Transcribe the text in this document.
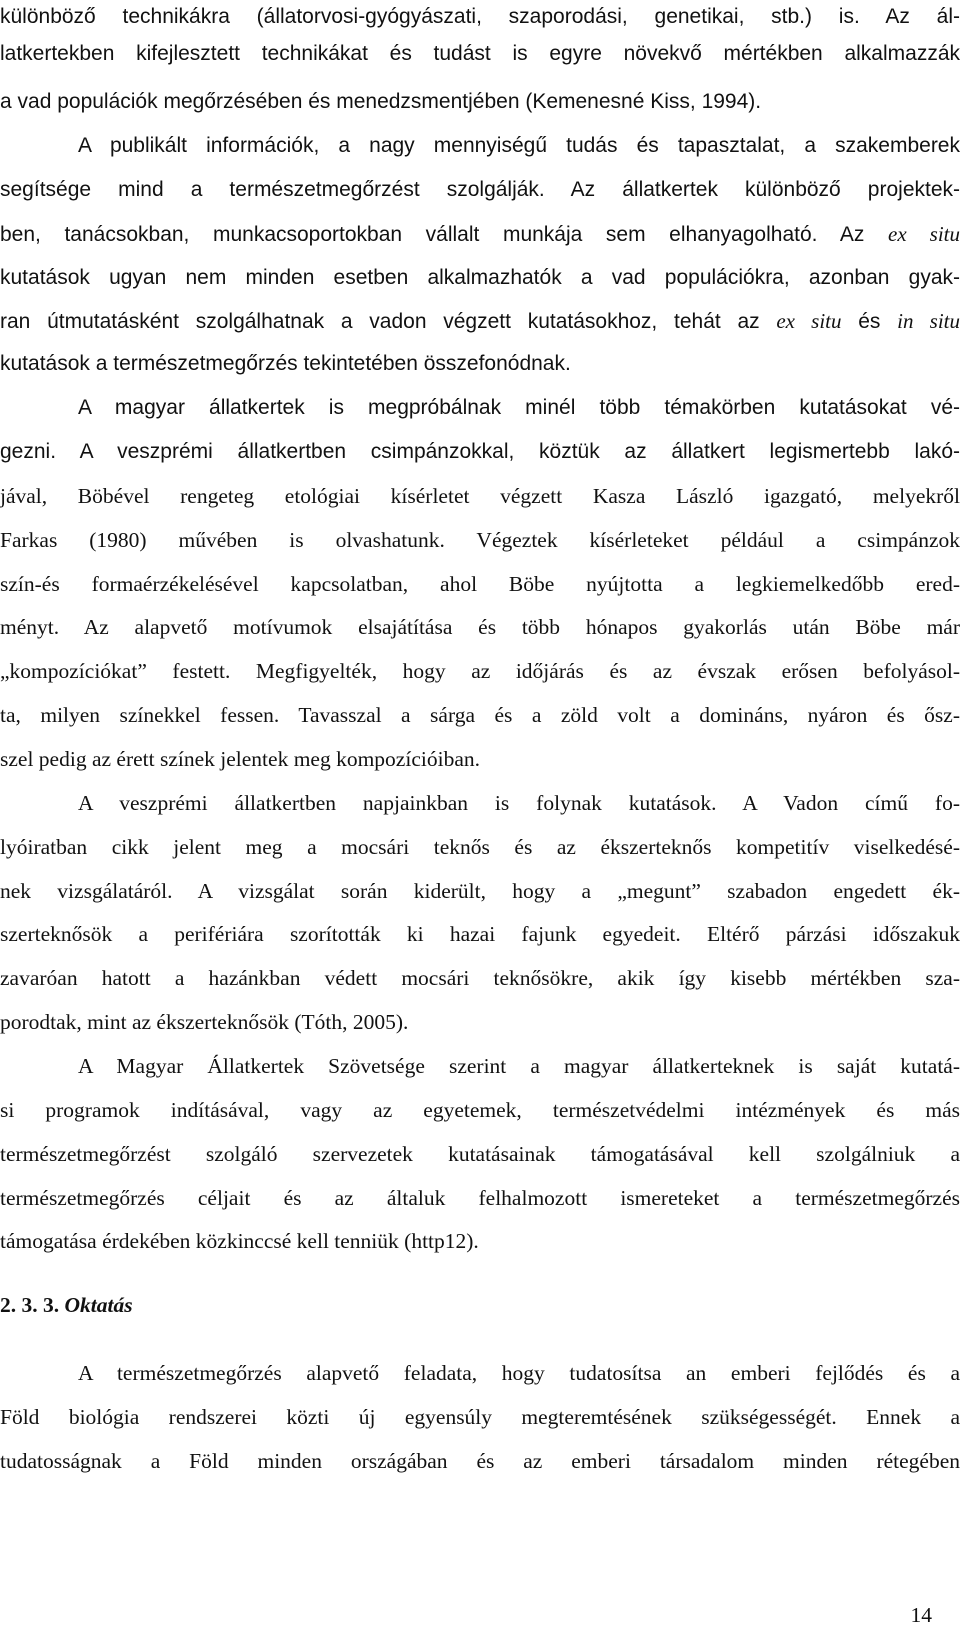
különböző technikákra (állatorvosi-gyógyászati, szaporodási, genetikai, stb.) is. Az ál-
latkertekben kifejlesztett technikákat és tudást is egyre növekvő mértékben alkalmazzák
a vad populációk megőrzésében és menedzsmentjében (Kemenesné Kiss, 1994).
A publikált információk, a nagy mennyiségű tudás és tapasztalat, a szakemberek
segítsége mind a természetmegőrzést szolgálják. Az állatkertek különböző projektek-
ben, tanácsokban, munkacsoportokban vállalt munkája sem elhanyagolható. Az ex situ
kutatások ugyan nem minden esetben alkalmazhatók a vad populációkra, azonban gyak-
ran útmutatásként szolgálhatnak a vadon végzett kutatásokhoz, tehát az ex situ és in situ
kutatások a természetmegőrzés tekintetében összefonódnak.
A magyar állatkertek is megpróbálnak minél több témakörben kutatásokat vé-
gezni. A veszprémi állatkertben csimpánzokkal, köztük az állatkert legismertebb lakó-
jával, Böbével rengeteg etológiai kísérletet végzett Kasza László igazgató, melyekről
Farkas (1980) művében is olvashatunk. Végeztek kísérleteket például a csimpánzok
szín-és formaérzékelésével kapcsolatban, ahol Böbe nyújtotta a legkiemelkedőbb ered-
ményt. Az alapvető motívumok elsajátítása és több hónapos gyakorlás után Böbe már
„kompozíciókat” festett. Megfigyelték, hogy az időjárás és az évszak erősen befolyásol-
ta, milyen színekkel fessen. Tavasszal a sárga és a zöld volt a domináns, nyáron és ősz-
szel pedig az érett színek jelentek meg kompozícióiban.
A veszprémi állatkertben napjainkban is folynak kutatások. A Vadon című fo-
lyóiratban cikk jelent meg a mocsári teknős és az ékszerteknős kompetitív viselkedésé-
nek vizsgálatáról. A vizsgálat során kiderült, hogy a „megunt” szabadon engedett ék-
szerteknősök a perifériára szorították ki hazai fajunk egyedeit. Eltérő párzási időszakuk
zavaróan hatott a hazánkban védett mocsári teknősökre, akik így kisebb mértékben sza-
porodtak, mint az ékszerteknősök (Tóth, 2005).
A Magyar Állatkertek Szövetsége szerint a magyar állatkerteknek is saját kutatá-
si programok indításával, vagy az egyetemek, természetvédelmi intézmények és más
természetmegőrzést szolgáló szervezetek kutatásainak támogatásával kell szolgálniuk a
természetmegőrzés céljait és az általuk felhalmozott ismereteket a természetmegőrzés
támogatása érdekében közkinccsé kell tenniük (http12).
2. 3. 3. Oktatás
A természetmegőrzés alapvető feladata, hogy tudatosítsa an emberi fejlődés és a
Föld biológia rendszerei közti új egyensúly megteremtésének szükségességét. Ennek a
tudatosságnak a Föld minden országában és az emberi társadalom minden rétegében
14
